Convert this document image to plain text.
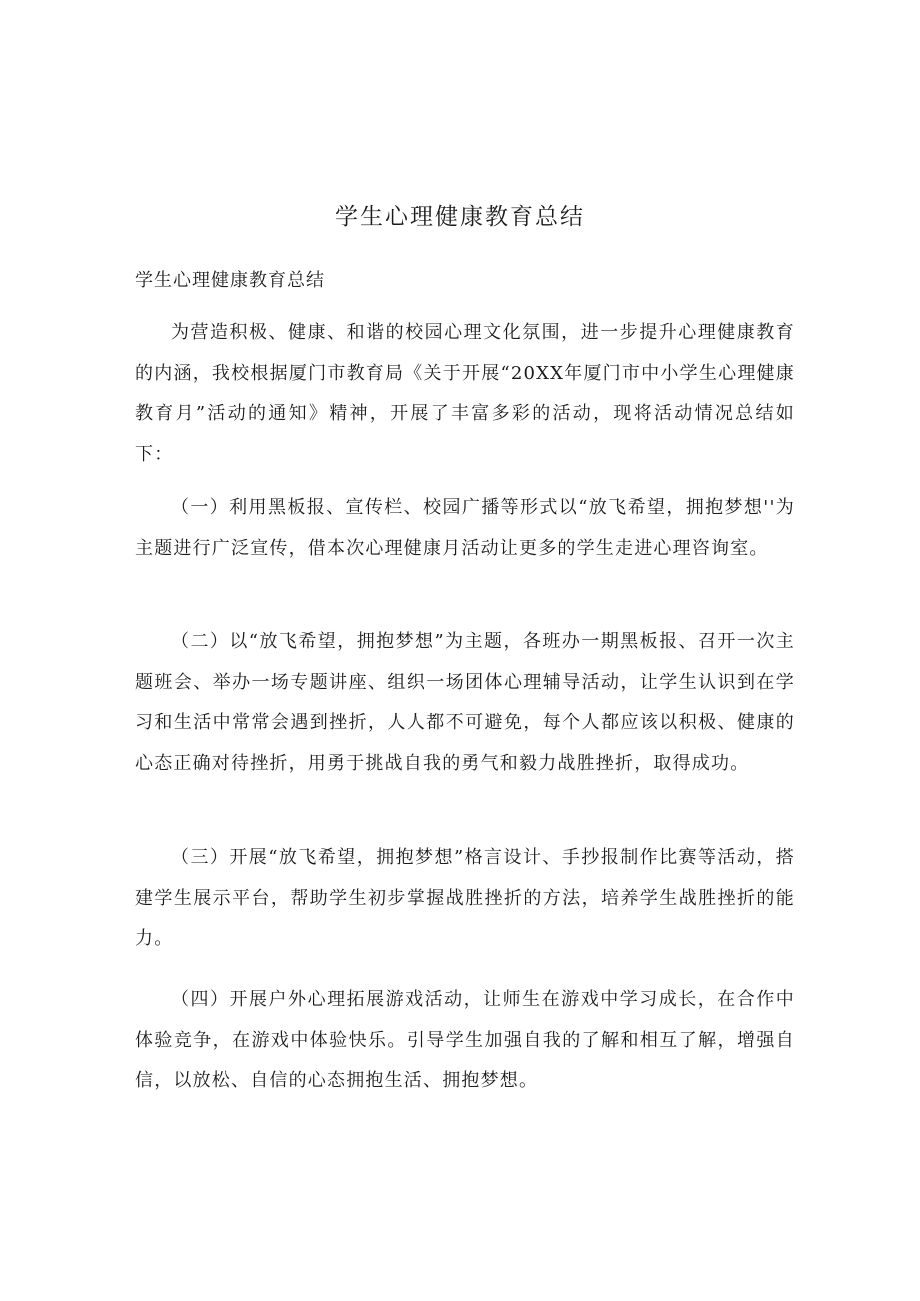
学生心理健康教育总结

学生心理健康教育总结

为营造积极、健康、和谐的校园心理文化氛围，进一步提升心理健康教育的内涵，我校根据厦门市教育局《关于开展“20XX年厦门市中小学生心理健康教育月”活动的通知》精神，开展了丰富多彩的活动，现将活动情况总结如下：

（一）利用黑板报、宣传栏、校园广播等形式以“放飞希望，拥抱梦想''为主题进行广泛宣传，借本次心理健康月活动让更多的学生走进心理咨询室。

（二）以“放飞希望，拥抱梦想”为主题，各班办一期黑板报、召开一次主题班会、举办一场专题讲座、组织一场团体心理辅导活动，让学生认识到在学习和生活中常常会遇到挫折，人人都不可避免，每个人都应该以积极、健康的心态正确对待挫折，用勇于挑战自我的勇气和毅力战胜挫折，取得成功。

（三）开展“放飞希望，拥抱梦想”格言设计、手抄报制作比赛等活动，搭建学生展示平台，帮助学生初步掌握战胜挫折的方法，培养学生战胜挫折的能力。

（四）开展户外心理拓展游戏活动，让师生在游戏中学习成长，在合作中体验竞争，在游戏中体验快乐。引导学生加强自我的了解和相互了解，增强自信，以放松、自信的心态拥抱生活、拥抱梦想。
